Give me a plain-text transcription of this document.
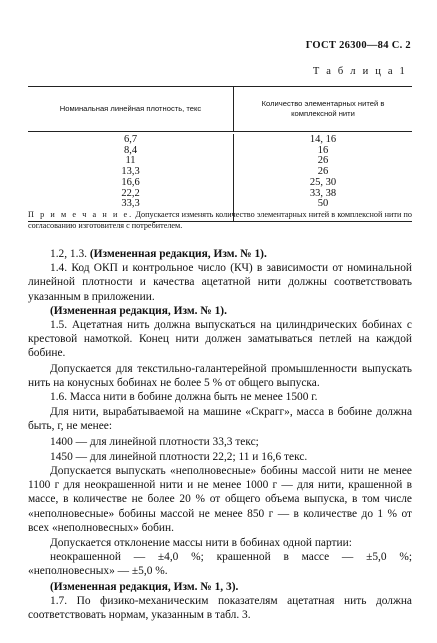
ГОСТ 26300—84 С. 2
Т а б л и ц а 1
Номинальная линейная плотность, текс
Количество элементарных нитей в комплексной нити
6,7
8,4
11
13,3
16,6
22,2
33,3
14, 16
16
26
26
25, 30
33, 38
50
П р и м е ч а н и е. Допускается изменять количество элементарных нитей в комплексной нити по согласованию изготовителя с потребителем.

1.2, 1.3. (Измененная редакция, Изм. № 1).

1.4. Код ОКП и контрольное число (КЧ) в зависимости от номинальной линейной плотности и качества ацетатной нити должны соответствовать указанным в приложении.

(Измененная редакция, Изм. № 1).

1.5. Ацетатная нить должна выпускаться на цилиндрических бобинах с крестовой намоткой. Конец нити должен заматываться петлей на каждой бобине.

Допускается для текстильно-галантерейной промышленности выпускать нить на конусных бобинах не более 5 % от общего выпуска.

1.6. Масса нити в бобине должна быть не менее 1500 г.

Для нити, вырабатываемой на машине «Скрагг», масса в бобине должна быть, г, не менее:

1400 — для линейной плотности 33,3 текс;

1450 — для линейной плотности 22,2; 11 и 16,6 текс.

Допускается выпускать «неполновесные» бобины массой нити не менее 1100 г для неокрашенной нити и не менее 1000 г — для нити, крашенной в массе, в количестве не более 20 % от общего объема выпуска, в том числе «неполновесные» бобины массой не менее 850 г — в количестве до 1 % от всех «неполновесных» бобин.

Допускается отклонение массы нити в бобинах одной партии:

неокрашенной — ±4,0 %; крашенной в массе — ±5,0 %; «неполновесных» — ±5,0 %.

(Измененная редакция, Изм. № 1, 3).

1.7. По физико-механическим показателям ацетатная нить должна соответствовать нормам, указанным в табл. 3.
